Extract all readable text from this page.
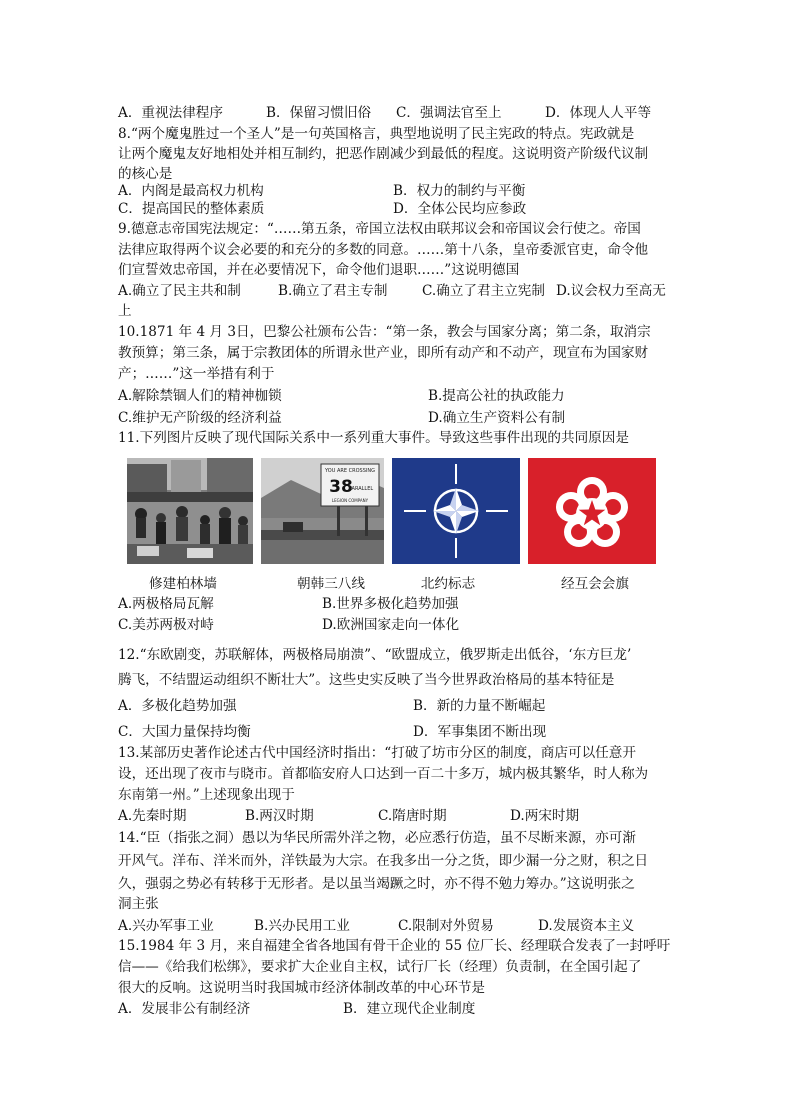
A．重视法律程序	B．保留习惯旧俗 C．强调法官至上	D．体现人人平等
8.“两个魔鬼胜过一个圣人”是一句英国格言，典型地说明了民主宪政的特点。宪政就是
让两个魔鬼友好地相处并相互制约，把恶作剧减少到最低的程度。这说明资产阶级代议制
的核心是
A．内阁是最高权力机构	B．权力的制约与平衡
C．提高国民的整体素质	D．全体公民均应参政
9.德意志帝国宪法规定：“……第五条，帝国立法权由联邦议会和帝国议会行使之。帝国
法律应取得两个议会必要的和充分的多数的同意。……第十八条，皇帝委派官吏，命令他
们宣誓效忠帝国，并在必要情况下，命令他们退职……”这说明德国
A.确立了民主共和制	B.确立了君主专制	C.确立了君主立宪制 D.议会权力至高无
上
10.1871 年 4 月 3日，巴黎公社颁布公告：“第一条，教会与国家分离；第二条，取消宗
教预算；第三条，属于宗教团体的所谓永世产业，即所有动产和不动产，现宣布为国家财
产；……”这一举措有利于
A.解除禁锢人们的精神枷锁	B.提高公社的执政能力
C.维护无产阶级的经济利益	D.确立生产资料公有制
11.下列图片反映了现代国际关系中一系列重大事件。导致这些事件出现的共同原因是
YOU ARE CROSSING
38
PARALLEL
LEGION COMPANY
修建柏林墙	朝韩三八线	北约标志	经互会会旗
A.两极格局瓦解	B.世界多极化趋势加强
C.美苏两极对峙	D.欧洲国家走向一体化
12.“东欧剧变，苏联解体，两极格局崩溃”、“欧盟成立，俄罗斯走出低谷，‘东方巨龙’
腾飞，不结盟运动组织不断壮大”。这些史实反映了当今世界政治格局的基本特征是
A．多极化趋势加强	B．新的力量不断崛起
C．大国力量保持均衡	D．军事集团不断出现
13.某部历史著作论述古代中国经济时指出：“打破了坊市分区的制度，商店可以任意开
设，还出现了夜市与晓市。首都临安府人口达到一百二十多万，城内极其繁华，时人称为
东南第一州。”上述现象出现于
A.先秦时期	B.两汉时期	C.隋唐时期	D.两宋时期
14.“臣（指张之洞）愚以为华民所需外洋之物，必应悉行仿造，虽不尽断来源，亦可渐
开风气。洋布、洋米而外，洋铁最为大宗。在我多出一分之货，即少漏一分之财，积之日
久，强弱之势必有转移于无形者。是以虽当竭蹶之时，亦不得不勉力筹办。”这说明张之
洞主张
A.兴办军事工业	B.兴办民用工业	C.限制对外贸易	D.发展资本主义
15.1984 年 3 月，来自福建全省各地国有骨干企业的 55 位厂长、经理联合发表了一封呼吁
信——《给我们松绑》，要求扩大企业自主权，试行厂长（经理）负责制，在全国引起了
很大的反响。这说明当时我国城市经济体制改革的中心环节是
A．发展非公有制经济	B．建立现代企业制度
